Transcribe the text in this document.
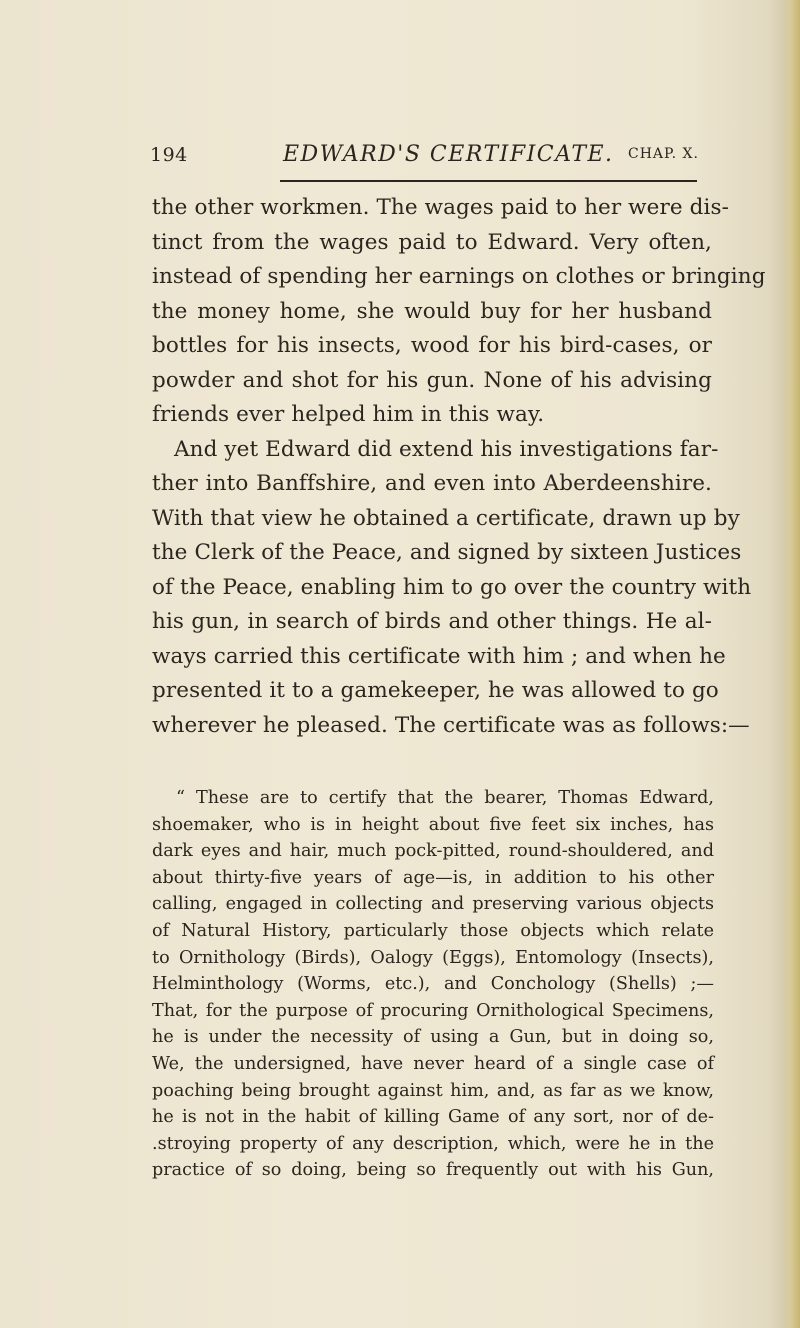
194	EDWARD'S CERTIFICATE. CHAP. X.
the other workmen. The wages paid to her were dis-
tinct from the wages paid to Edward. Very often,
instead of spending her earnings on clothes or bringing
the money home, she would buy for her husband
bottles for his insects, wood for his bird-cases, or
powder and shot for his gun. None of his advising
friends ever helped him in this way.
And yet Edward did extend his investigations far-
ther into Banffshire, and even into Aberdeenshire.
With that view he obtained a certificate, drawn up by
the Clerk of the Peace, and signed by sixteen Justices
of the Peace, enabling him to go over the country with
his gun, in search of birds and other things. He al-
ways carried this certificate with him ; and when he
presented it to a gamekeeper, he was allowed to go
wherever he pleased. The certificate was as follows:—
“ These are to certify that the bearer, Thomas Edward,
shoemaker, who is in height about five feet six inches, has
dark eyes and hair, much pock-pitted, round-shouldered, and
about thirty-five years of age—is, in addition to his other
calling, engaged in collecting and preserving various objects
of Natural History, particularly those objects which relate
to Ornithology (Birds), Oalogy (Eggs), Entomology (Insects),
Helminthology (Worms, etc.), and Conchology (Shells) ;—
That, for the purpose of procuring Ornithological Specimens,
he is under the necessity of using a Gun, but in doing so,
We, the undersigned, have never heard of a single case of
poaching being brought against him, and, as far as we know,
he is not in the habit of killing Game of any sort, nor of de-
.stroying property of any description, which, were he in the
practice of so doing, being so frequently out with his Gun,
